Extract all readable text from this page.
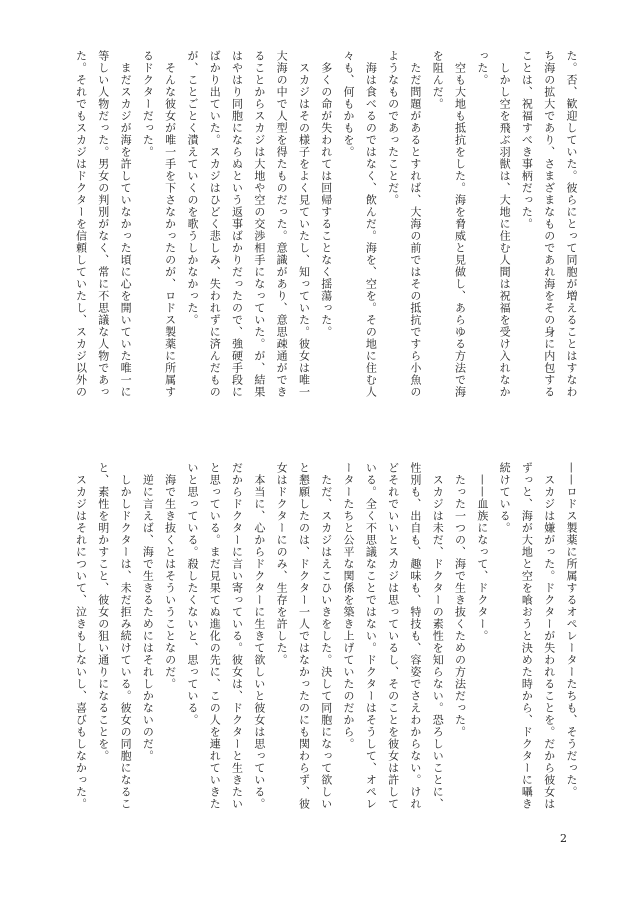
た。否、歓迎していた。彼らにとって同胞が増えることはすなわ

ち海の拡大であり、さまざまなものであれ海をその身に内包する

ことは、祝福すべき事柄だった。

　しかし空を飛ぶ羽獣は、大地に住む人間は祝福を受け入れなか

った。

　空も大地も抵抗をした。海を脅威と見做し、あらゆる方法で海

を阻んだ。

　ただ問題があるとすれば、大海の前ではその抵抗ですら小魚の

ようなものであったことだ。

　海は食べるのではなく、飲んだ。海を、空を。その地に住む人

々も、何もかもを。

　多くの命が失われては回帰することなく揺蕩った。

　スカジはその様子をよく見ていたし、知っていた。彼女は唯一

大海の中で人型を得たものだった。意識があり、意思疎通ができ

ることからスカジは大地や空の交渉相手になっていた。が、結果

はやはり同胞にならぬという返事ばかりだったので、強硬手段に

ばかり出ていた。スカジはひどく悲しみ、失われずに済んだもの

が、ことごとく潰えていくのを歌うしかなかった。

　そんな彼女が唯一手を下さなかったのが、ロドス製薬に所属す

るドクターだった。

　まだスカジが海を許していなかった頃に心を開いていた唯一に

等しい人物だった。男女の判別がなく、常に不思議な人物であっ

た。それでもスカジはドクターを信頼していたし、スカジ以外の

——ロドス製薬に所属するオペレーターたちも、そうだった。

　スカジは嫌がった。ドクターが失われることを。だから彼女は

ずっと、海が大地と空を喰おうと決めた時から、ドクターに囁き

続けている。

　——血族になって、ドクター。

　たった一つの、海で生き抜くための方法だった。

　スカジは未だ、ドクターの素性を知らない。恐ろしいことに、

性別も、出自も、趣味も、特技も、容姿でさえわからない。けれ

どそれでいいとスカジは思っているし、そのことを彼女は許して

いる。全く不思議なことではない。ドクターはそうして、オペレ

ーターたちと公平な関係を築き上げていたのだから。

　ただ、スカジはえこひいきをした。決して同胞になって欲しい

と懇願したのは、ドクター一人ではなかったのにも関わらず、彼

女はドクターにのみ、生存を許した。

　本当に、心からドクターに生きて欲しいと彼女は思っている。

だからドクターに言い寄っている。彼女は、ドクターと生きたい

と思っている。まだ見果てぬ進化の先に、この人を連れていきた

いと思っている。殺したくないと、思っている。

　海で生き抜くとはそういうことなのだ。

　逆に言えば、海で生きるためにはそれしかないのだ。

　しかしドクターは、未だ拒み続けている。彼女の同胞になるこ

と、素性を明かすこと、彼女の狙い通りになることを。

　スカジはそれについて、泣きもしないし、喜びもしなかった。

2
